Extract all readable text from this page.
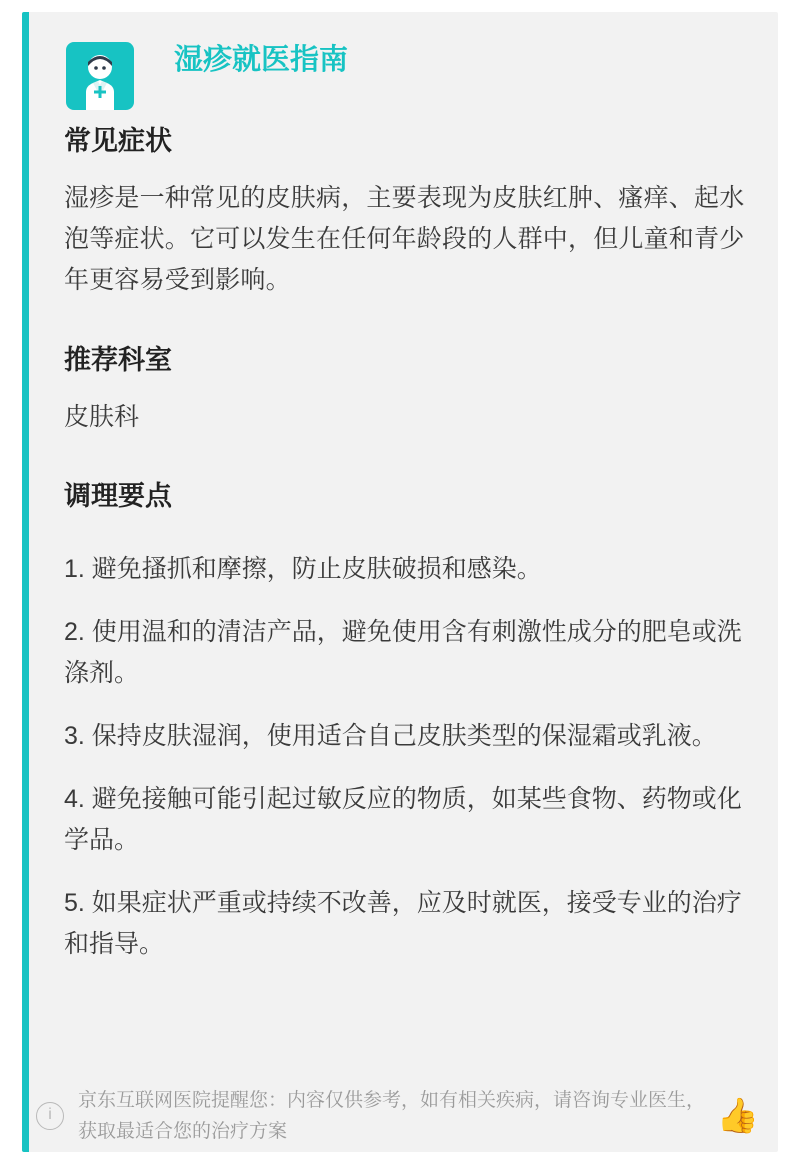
湿疹就医指南
常见症状

湿疹是一种常见的皮肤病，主要表现为皮肤红肿、瘙痒、起水泡等症状。它可以发生在任何年龄段的人群中，但儿童和青少年更容易受到影响。

推荐科室

皮肤科

调理要点

1. 避免搔抓和摩擦，防止皮肤破损和感染。

2. 使用温和的清洁产品，避免使用含有刺激性成分的肥皂或洗涤剂。

3. 保持皮肤湿润，使用适合自己皮肤类型的保湿霜或乳液。

4. 避免接触可能引起过敏反应的物质，如某些食物、药物或化学品。

5. 如果症状严重或持续不改善，应及时就医，接受专业的治疗和指导。

i
京东互联网医院提醒您：内容仅供参考，如有相关疾病，请咨询专业医生，获取最适合您的治疗方案	👍
